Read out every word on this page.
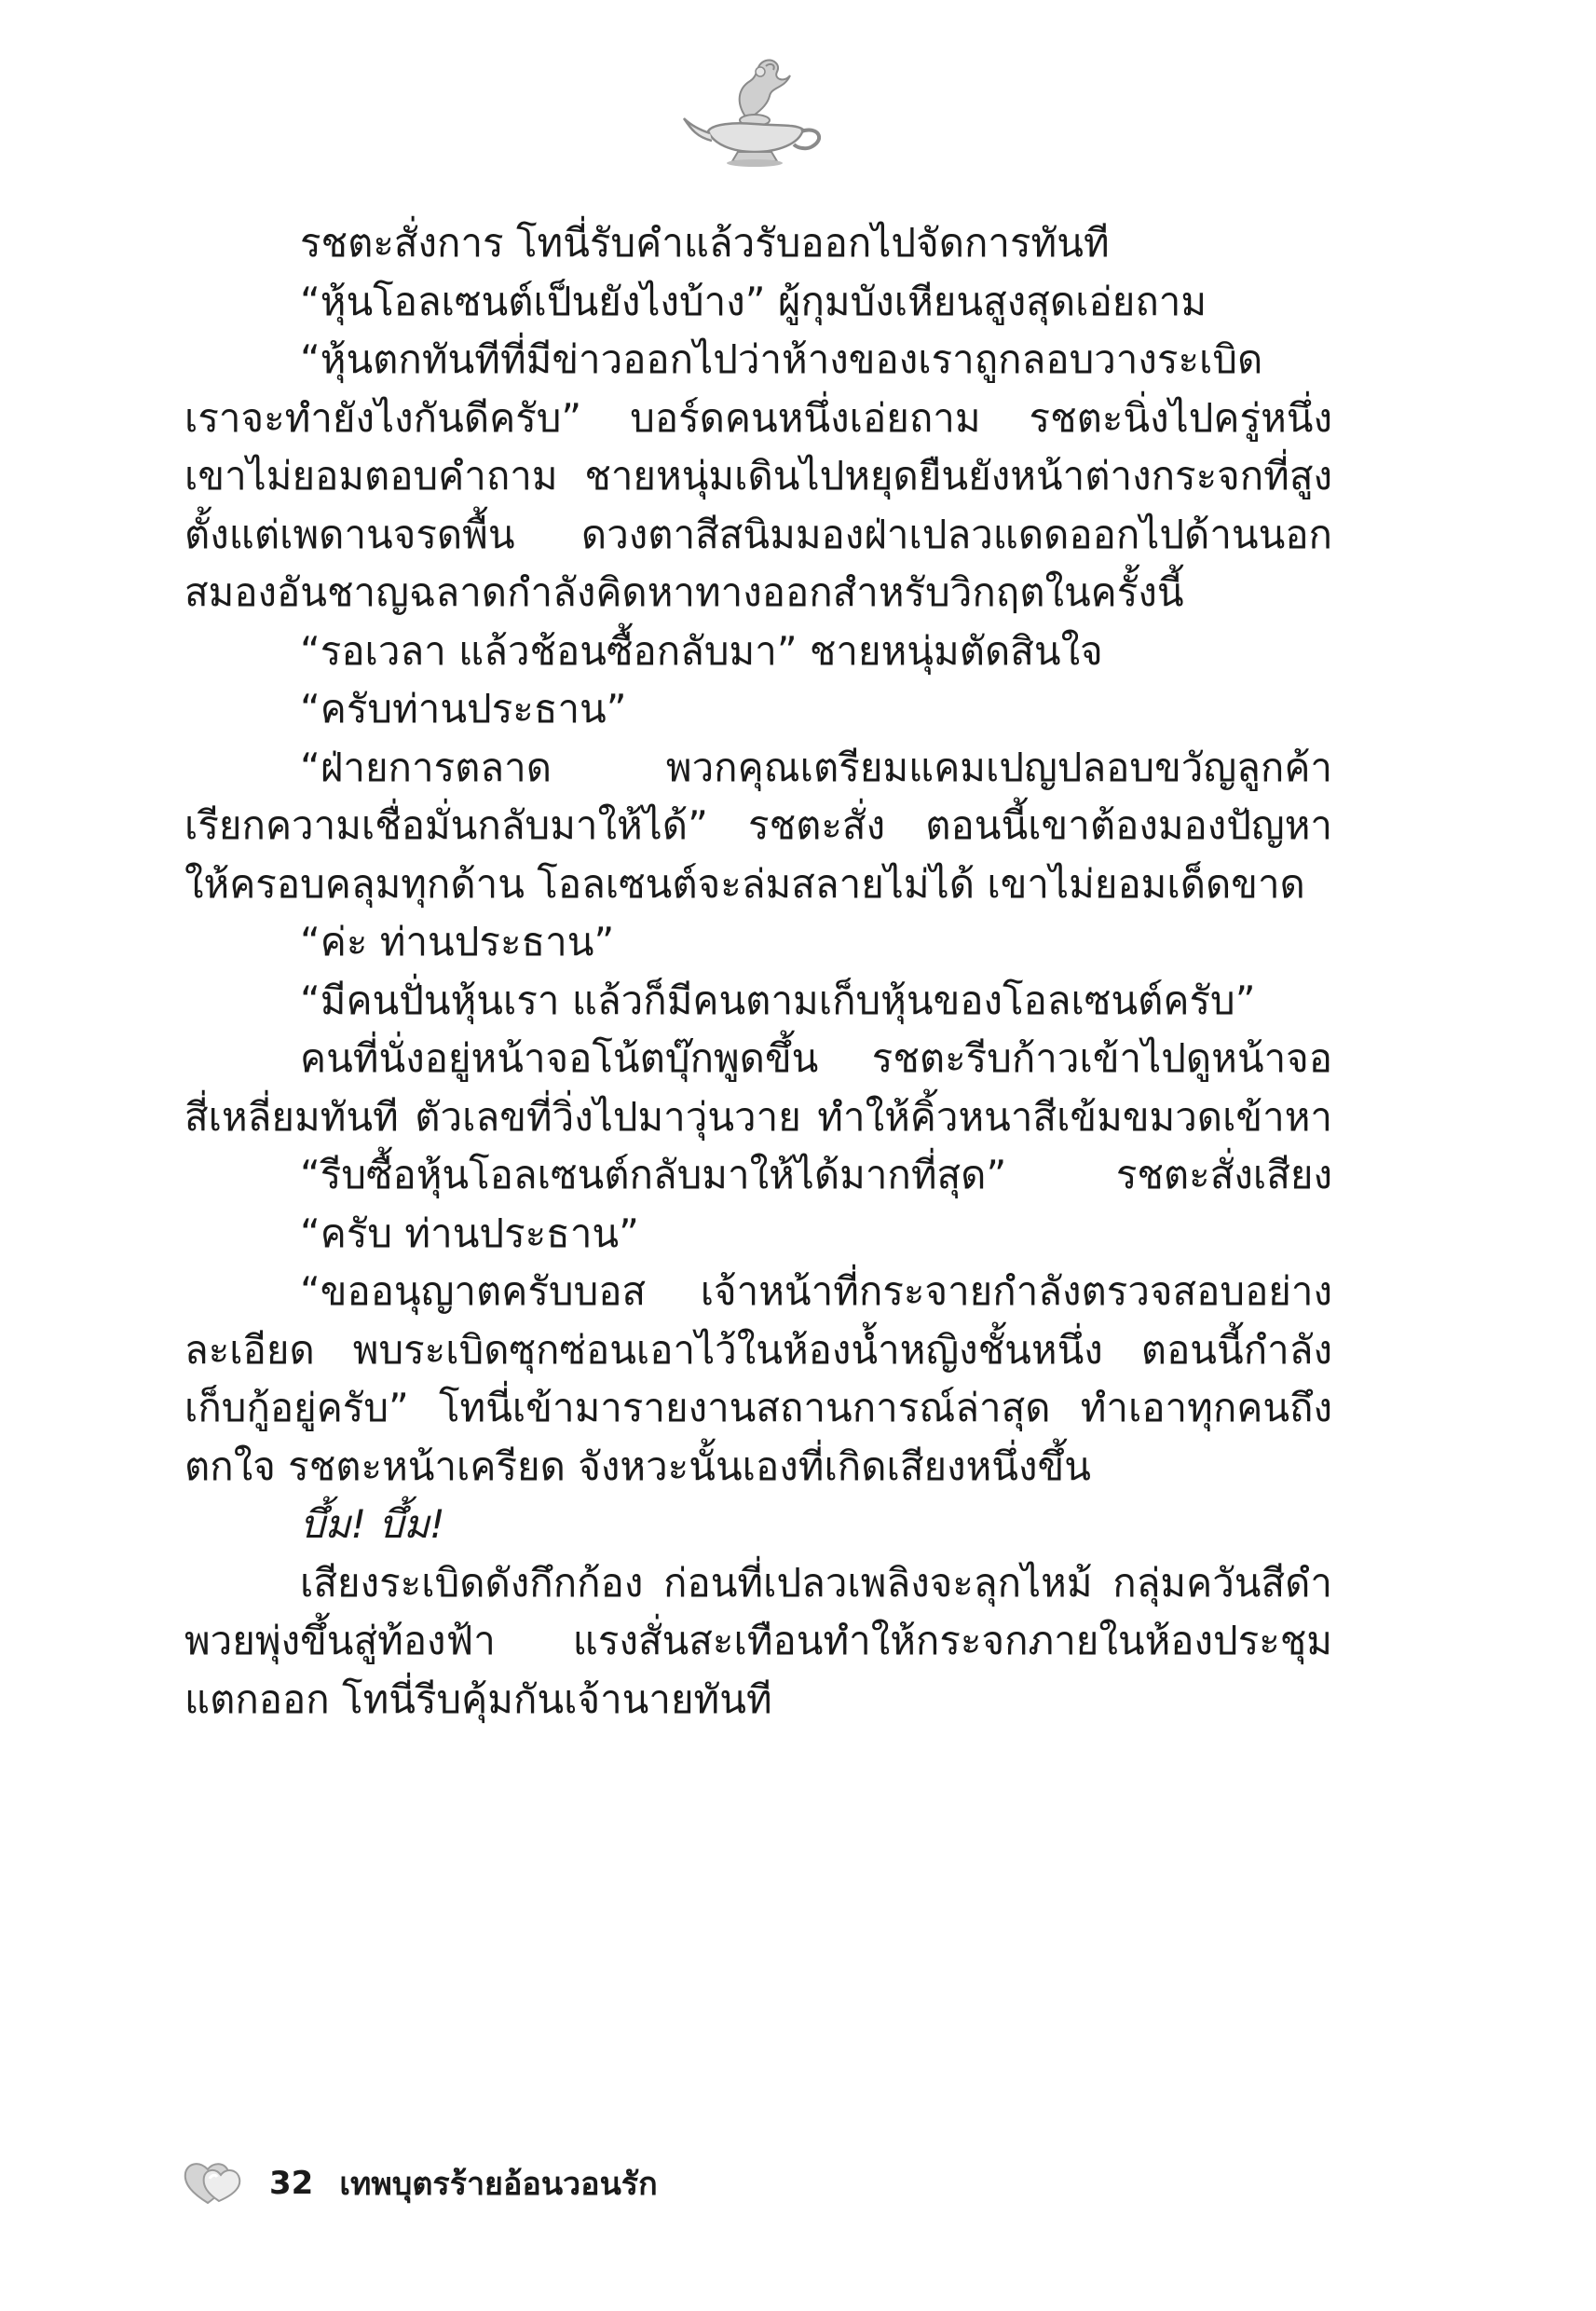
รชตะสั่งการ โทนี่รับคำแล้วรับออกไปจัดการทันที
“หุ้นโอลเซนต์เป็นยังไงบ้าง” ผู้กุมบังเหียนสูงสุดเอ่ยถาม
“หุ้นตกทันทีที่มีข่าวออกไปว่าห้างของเราถูกลอบวางระเบิด
เราจะทำยังไงกันดีครับ” บอร์ดคนหนึ่งเอ่ยถาม รชตะนิ่งไปครู่หนึ่ง
เขาไม่ยอมตอบคำถาม ชายหนุ่มเดินไปหยุดยืนยังหน้าต่างกระจกที่สูง
ตั้งแต่เพดานจรดพื้น ดวงตาสีสนิมมองฝ่าเปลวแดดออกไปด้านนอก
สมองอันชาญฉลาดกำลังคิดหาทางออกสำหรับวิกฤตในครั้งนี้
“รอเวลา แล้วช้อนซื้อกลับมา” ชายหนุ่มตัดสินใจ
“ครับท่านประธาน”
“ฝ่ายการตลาด พวกคุณเตรียมแคมเปญปลอบขวัญลูกค้า
เรียกความเชื่อมั่นกลับมาให้ได้” รชตะสั่ง ตอนนี้เขาต้องมองปัญหา
ให้ครอบคลุมทุกด้าน โอลเซนต์จะล่มสลายไม่ได้ เขาไม่ยอมเด็ดขาด
“ค่ะ ท่านประธาน”
“มีคนปั่นหุ้นเรา แล้วก็มีคนตามเก็บหุ้นของโอลเซนต์ครับ”
คนที่นั่งอยู่หน้าจอโน้ตบุ๊กพูดขึ้น รชตะรีบก้าวเข้าไปดูหน้าจอ
สี่เหลี่ยมทันที ตัวเลขที่วิ่งไปมาวุ่นวาย ทำให้คิ้วหนาสีเข้มขมวดเข้าหา
“รีบซื้อหุ้นโอลเซนต์กลับมาให้ได้มากที่สุด” รชตะสั่งเสียง
“ครับ ท่านประธาน”
“ขออนุญาตครับบอส เจ้าหน้าที่กระจายกำลังตรวจสอบอย่าง
ละเอียด พบระเบิดซุกซ่อนเอาไว้ในห้องน้ำหญิงชั้นหนึ่ง ตอนนี้กำลัง
เก็บกู้อยู่ครับ” โทนี่เข้ามารายงานสถานการณ์ล่าสุด ทำเอาทุกคนถึง
ตกใจ รชตะหน้าเครียด จังหวะนั้นเองที่เกิดเสียงหนึ่งขึ้น
บึ้ม! บึ้ม!
เสียงระเบิดดังกึกก้อง ก่อนที่เปลวเพลิงจะลุกไหม้ กลุ่มควันสีดำ
พวยพุ่งขึ้นสู่ท้องฟ้า แรงสั่นสะเทือนทำให้กระจกภายในห้องประชุม
แตกออก โทนี่รีบคุ้มกันเจ้านายทันที
32 เทพบุตรร้ายอ้อนวอนรัก
